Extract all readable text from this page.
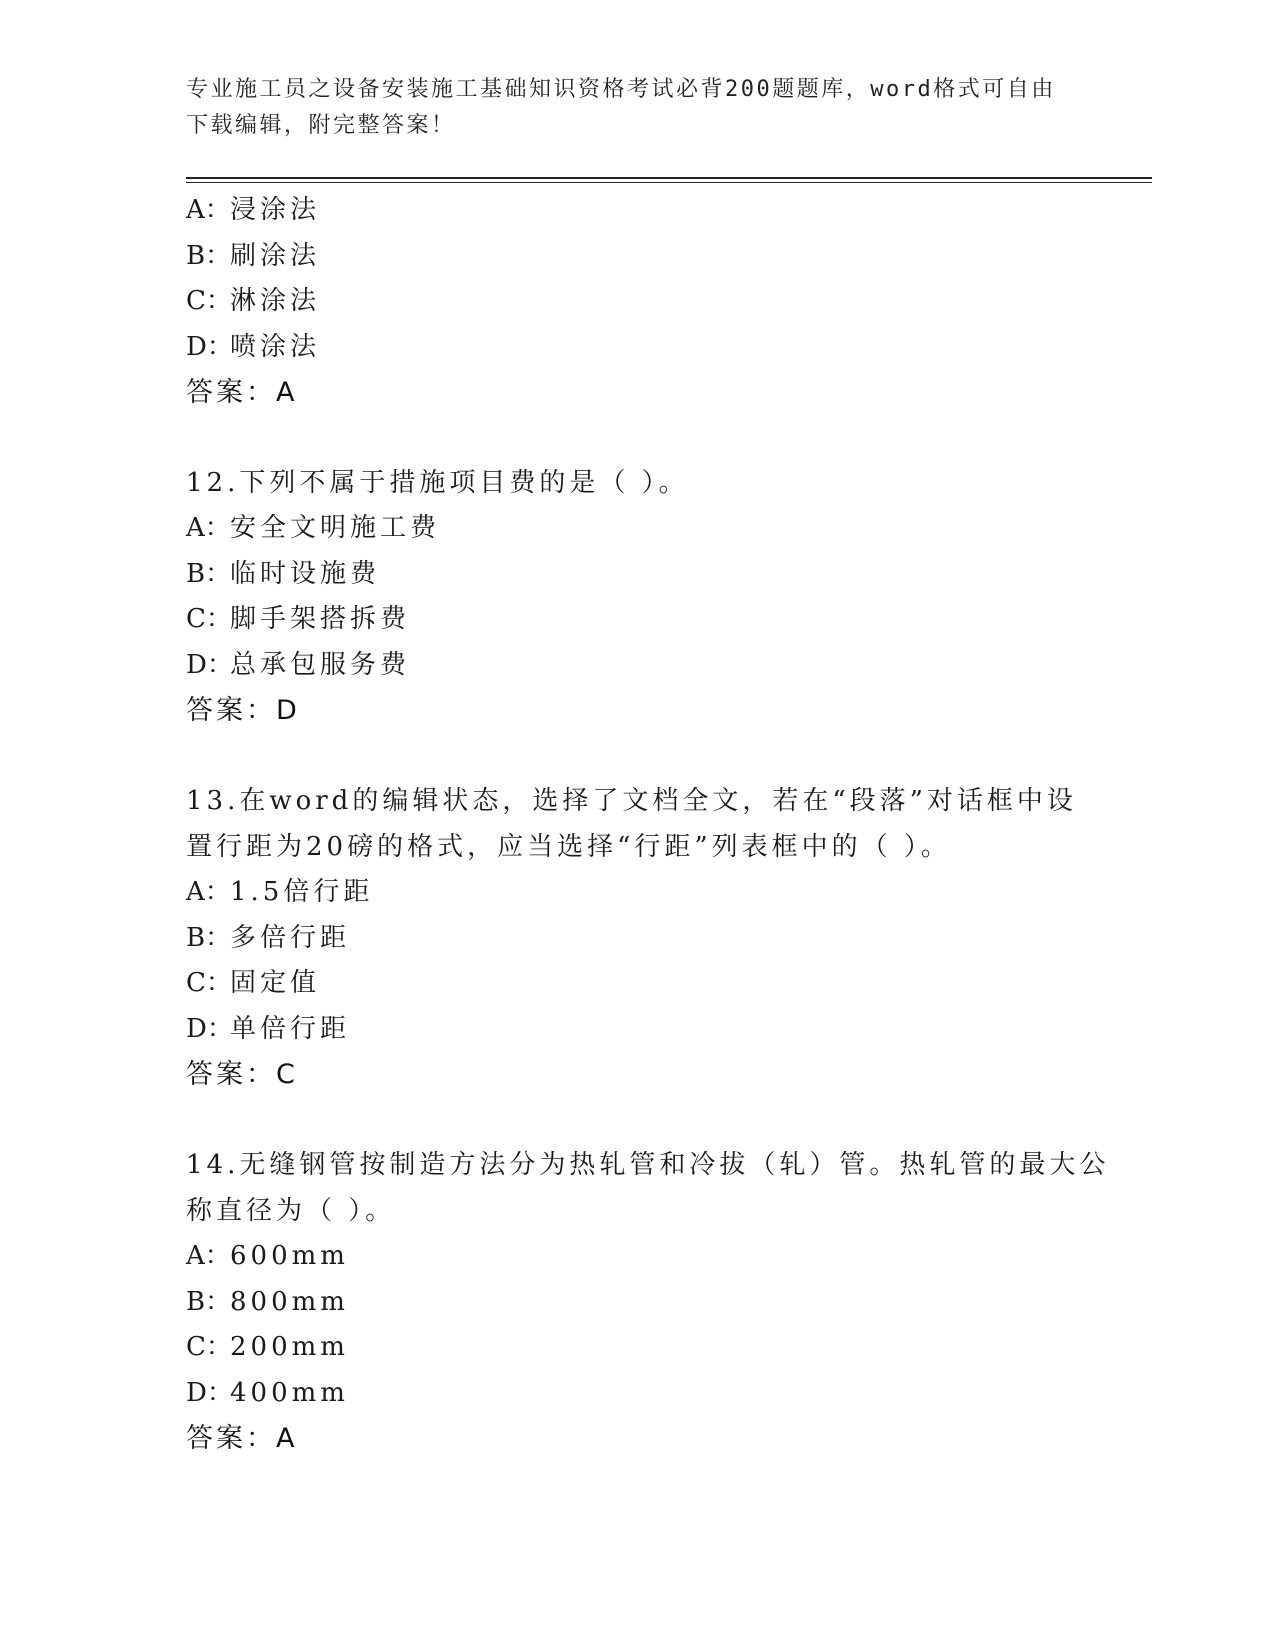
专业施工员之设备安装施工基础知识资格考试必背200题题库，word格式可自由
下载编辑，附完整答案！
A：浸涂法
B：刷涂法
C：淋涂法
D：喷涂法
答案：A
12.下列不属于措施项目费的是（ ）。
A：安全文明施工费
B：临时设施费
C：脚手架搭拆费
D：总承包服务费
答案：D
13.在word的编辑状态，选择了文档全文，若在“段落”对话框中设
置行距为20磅的格式，应当选择“行距”列表框中的（ ）。
A：1.5倍行距
B：多倍行距
C：固定值
D：单倍行距
答案：C
14.无缝钢管按制造方法分为热轧管和冷拔（轧）管。热轧管的最大公
称直径为（ ）。
A：600mm
B：800mm
C：200mm
D：400mm
答案：A
